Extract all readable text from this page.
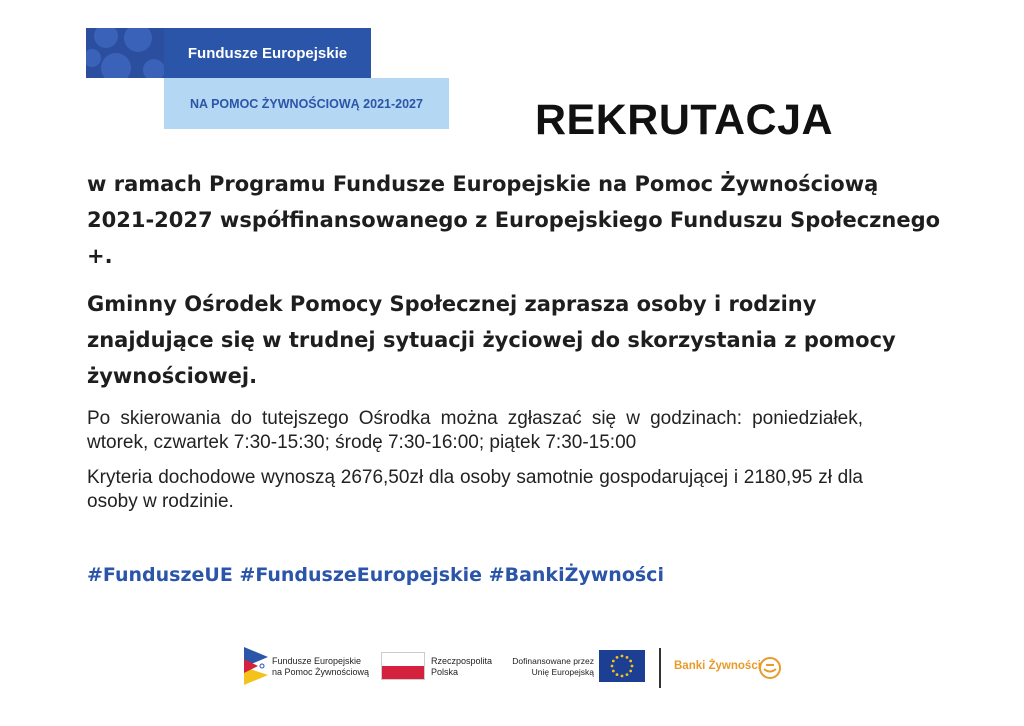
Fundusze Europejskie
NA POMOC ŻYWNOŚCIOWĄ 2021-2027	REKRUTACJA

w ramach Programu Fundusze Europejskie na Pomoc Żywnościową 2021-2027 współfinansowanego z Europejskiego Funduszu Społecznego +.

Gminny Ośrodek Pomocy Społecznej zaprasza osoby i rodziny znajdujące się w trudnej sytuacji życiowej do skorzystania z pomocy żywnościowej.

Po skierowania do tutejszego Ośrodka można zgłaszać się w godzinach: poniedziałek, wtorek, czwartek 7:30-15:30; środę 7:30-16:00; piątek 7:30-15:00

Kryteria dochodowe wynoszą 2676,50zł dla osoby samotnie gospodarującej i 2180,95 zł dla osoby w rodzinie.

#FunduszeUE #FunduszeEuropejskie #BankiŻywności

Fundusze Europejskie
na Pomoc Żywnościową
Rzeczpospolita
Polska
Dofinansowane przez
Unię Europejską	Banki Żywności
